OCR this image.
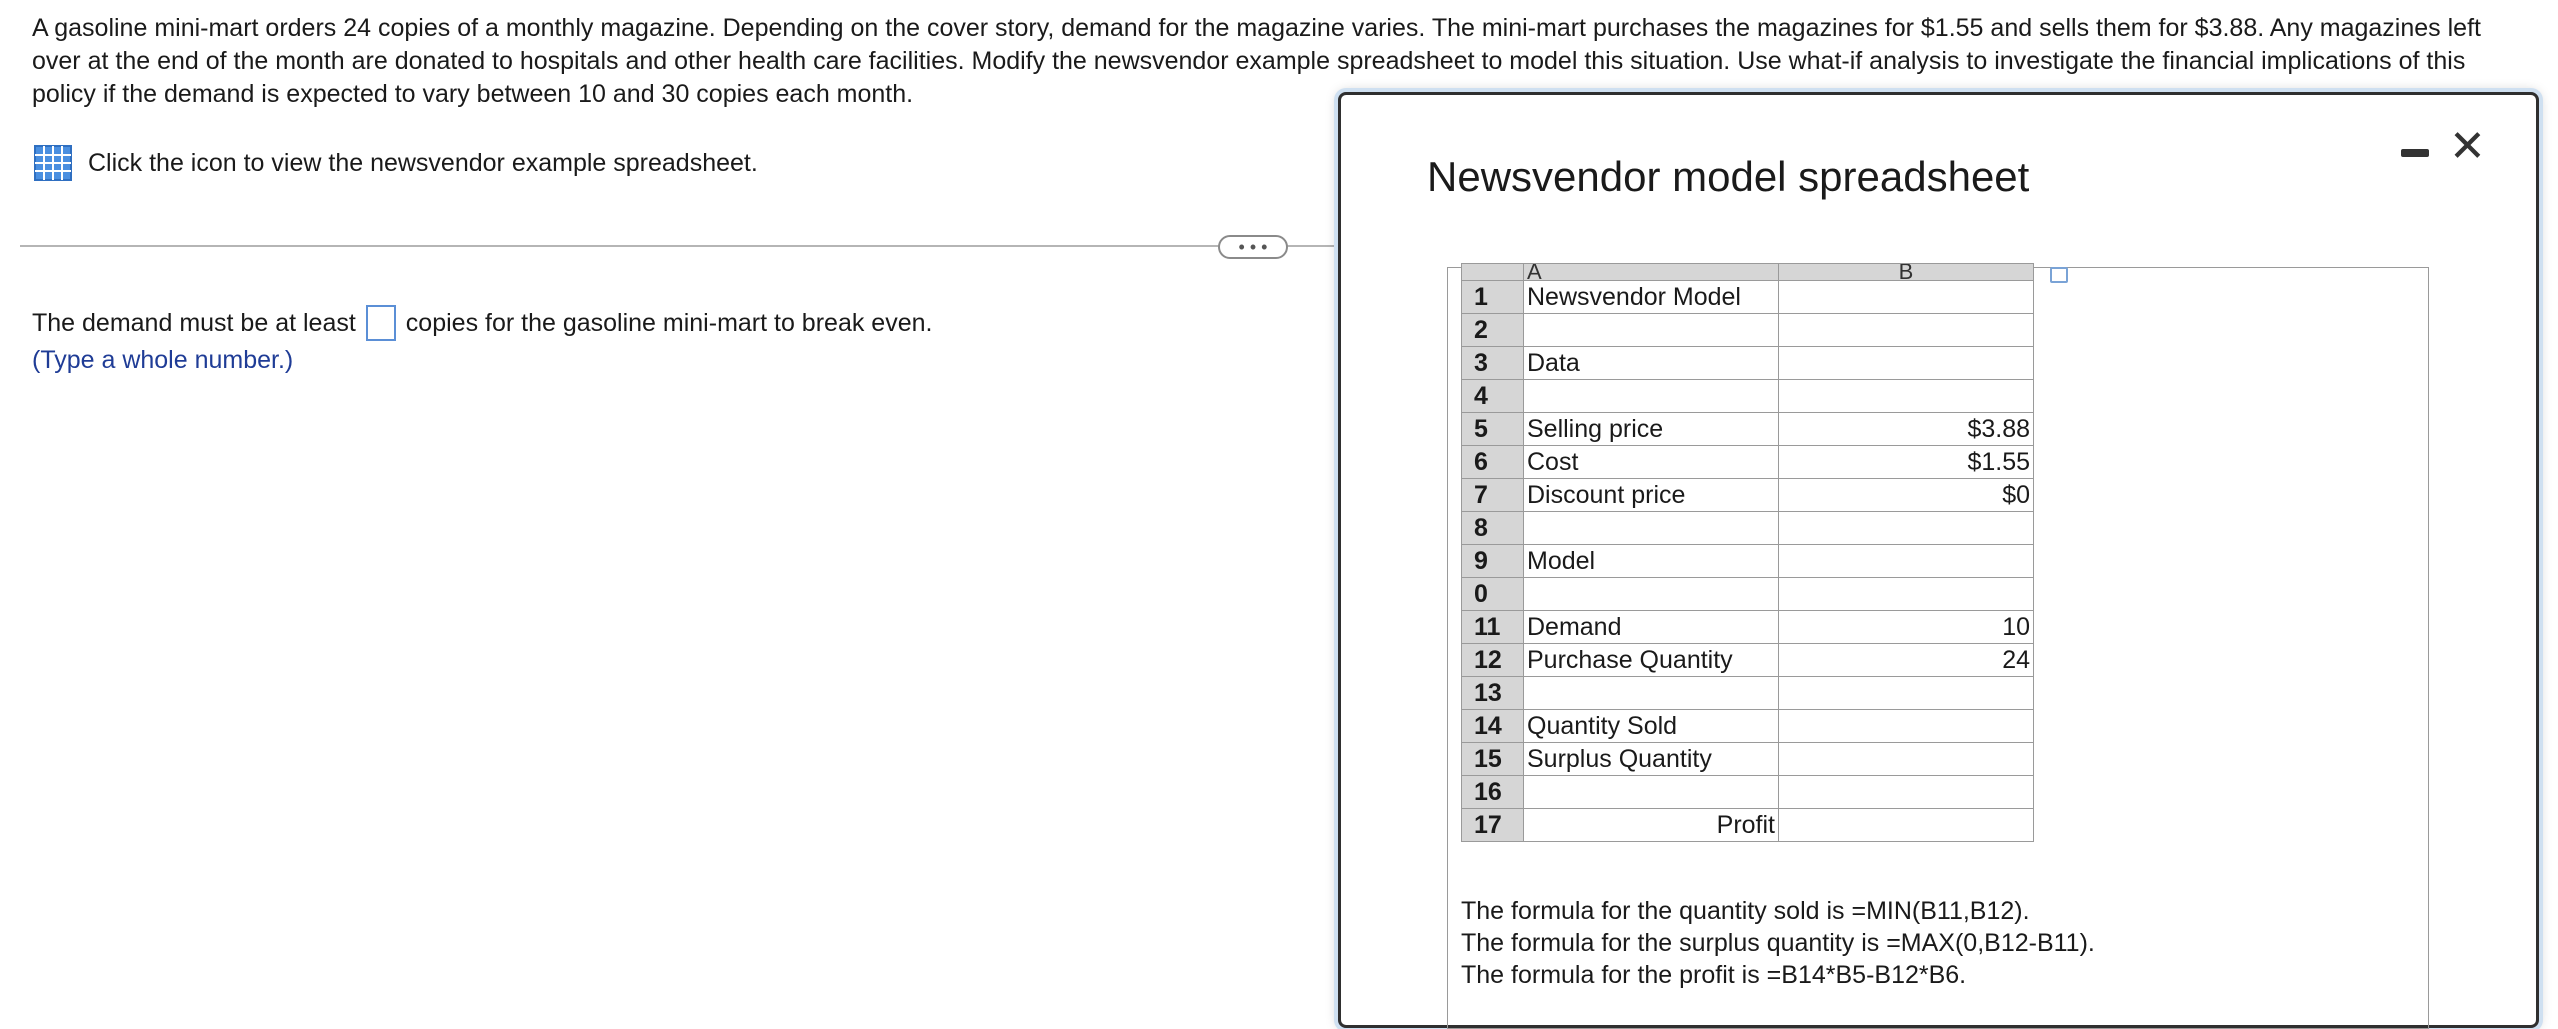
A gasoline mini-mart orders 24 copies of a monthly magazine. Depending on the cover story, demand for the magazine varies. The mini-mart purchases the magazines for $1.55 and sells them for $3.88. Any magazines left over at the end of the month are donated to hospitals and other health care facilities. Modify the newsvendor example spreadsheet to model this situation. Use what-if analysis to investigate the financial implications of this policy if the demand is expected to vary between 10 and 30 copies each month.

Click the icon to view the newsvendor example spreadsheet.
• • •
The demand must be at least copies for the gasoline mini-mart to break even.
(Type a whole number.)
Newsvendor model spreadsheet
✕
	A	B
1	Newsvendor Model	
2		
3	Data	
4		
5	Selling price	$3.88
6	Cost	$1.55
7	Discount price	$0
8		
9	Model	
0		
11	Demand	10
12	Purchase Quantity	24
13		
14	Quantity Sold	
15	Surplus Quantity	
16		
17	Profit	
The formula for the quantity sold is =MIN(B11,B12).
The formula for the surplus quantity is =MAX(0,B12-B11).
The formula for the profit is =B14*B5-B12*B6.
